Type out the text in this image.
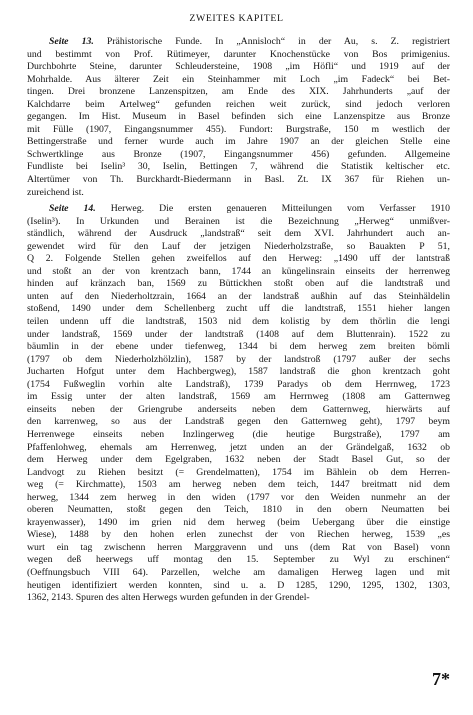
ZWEITES KAPITEL
Seite 13. Prähistorische Funde. In „Annisloch“ in der Au, s. Z. registriert
und bestimmt von Prof. Rütimeyer, darunter Knochenstücke von Bos primigenius.
Durchbohrte Steine, darunter Schleudersteine, 1908 „im Höfli“ und 1919 auf der
Mohrhalde. Aus älterer Zeit ein Steinhammer mit Loch „im Fadeck“ bei Bet-
tingen. Drei bronzene Lanzenspitzen, am Ende des XIX. Jahrhunderts „auf der
Kalchdarre beim Artelweg“ gefunden reichen weit zurück, sind jedoch verloren
gegangen. Im Hist. Museum in Basel befinden sich eine Lanzenspitze aus Bronze
mit Fülle (1907, Eingangsnummer 455). Fundort: Burgstraße, 150 m westlich der
Bettingerstraße und ferner wurde auch im Jahre 1907 an der gleichen Stelle eine
Schwertklinge aus Bronze (1907, Eingangsnummer 456) gefunden. Allgemeine
Fundliste bei Iselin³ 30, Iselin, Bettingen 7, während die Statistik keltischer etc.
Altertümer von Th. Burckhardt-Biedermann in Basl. Zt. IX 367 für Riehen un-
zureichend ist.
Seite 14. Herweg. Die ersten genaueren Mitteilungen vom Verfasser 1910
(Iselin³). In Urkunden und Berainen ist die Bezeichnung „Herweg“ unmißver-
ständlich, während der Ausdruck „landstraß“ seit dem XVI. Jahrhundert auch an-
gewendet wird für den Lauf der jetzigen Niederholzstraße, so Bauakten P 51,
Q 2. Folgende Stellen gehen zweifellos auf den Herweg: „1490 uff der lantstraß
und stoßt an der von krentzach bann, 1744 an küngelinsrain einseits der herrenweg
hinden auf kränzach ban, 1569 zu Büttickhen stoßt oben auf die landtstraß und
unten auf den Niederholtzrain, 1664 an der landstraß außhin auf das Steinhäldelin
stoßend, 1490 under dem Schellenberg zucht uff die landtstraß, 1551 hieher langen
teilen undenn uff die landtstraß, 1503 nid dem kolistig by dem thörlin die lengi
under landstraß, 1569 under der landtstraß (1408 auf dem Bluttenrain). 1522 zu
bäumlin in der ebene under tiefenweg, 1344 bi dem herweg zem breiten bömli
(1797 ob dem Niederholzhölzlin), 1587 by der landstroß (1797 außer der sechs
Jucharten Hofgut unter dem Hachbergweg), 1587 landstraß die ghon krentzach goht
(1754 Fußweglin vorhin alte Landstraß), 1739 Paradys ob dem Herrnweg, 1723
im Essig unter der alten landstraß, 1569 am Herrnweg (1808 am Gatternweg
einseits neben der Griengrube anderseits neben dem Gatternweg, hierwärts auf
den karrenweg, so aus der Landstraß gegen den Gatternweg geht), 1797 beym
Herrenwege einseits neben Inzlingerweg (die heutige Burgstraße), 1797 am
Pfaffenlohweg, ehemals am Herrenweg, jetzt unden an der Grändelgaß, 1632 ob
dem Herweg under dem Egelgraben, 1632 neben der Stadt Basel Gut, so der
Landvogt zu Riehen besitzt (= Grendelmatten), 1754 im Bählein ob dem Herren-
weg (= Kirchmatte), 1503 am herweg neben dem teich, 1447 breitmatt nid dem
herweg, 1344 zem herweg in den widen (1797 vor den Weiden nunmehr an der
oberen Neumatten, stoßt gegen den Teich, 1810 in den obern Neumatten bei
krayenwasser), 1490 im grien nid dem herweg (beim Uebergang über die einstige
Wiese), 1488 by den hohen erlen zunechst der von Riechen herweg, 1539 „es
wurt ein tag zwischenn herren Marggravenn und uns (dem Rat von Basel) vonn
wegen deß heerwegs uff montag den 15. September zu Wyl zu erschinen“
(Oeffnungsbuch VIII 64). Parzellen, welche am damaligen Herweg lagen und mit
heutigen identifiziert werden konnten, sind u. a. D 1285, 1290, 1295, 1302, 1303,
1362, 2143. Spuren des alten Herwegs wurden gefunden in der Grendel-
7*
